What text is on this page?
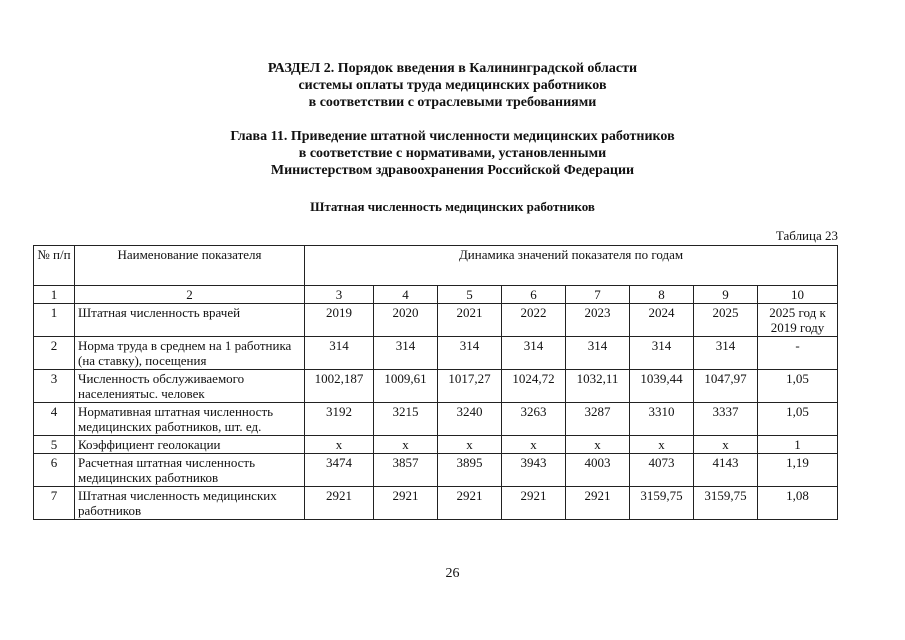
РАЗДЕЛ 2. Порядок введения в Калининградской области
системы оплаты труда медицинских работников
в соответствии с отраслевыми требованиями
Глава 11. Приведение штатной численности медицинских работников
в соответствие с нормативами, установленными
Министерством здравоохранения Российской Федерации
Штатная численность медицинских работников
Таблица 23
№ п/п	Наименование показателя	Динамика значений показателя по годам							
1	2	3	4	5	6	7	8	9	10
1	Штатная численность врачей	2019	2020	2021	2022	2023	2024	2025	2025 год к 2019 году
2	Норма труда в среднем на 1 работника (на ставку), посещения	314	314	314	314	314	314	314	-
3	Численность обслуживаемого населениятыс. человек	1002,187	1009,61	1017,27	1024,72	1032,11	1039,44	1047,97	1,05
4	Нормативная штатная численность медицинских работников, шт. ед.	3192	3215	3240	3263	3287	3310	3337	1,05
5	Коэффициент геолокации	х	х	х	х	х	х	х	1
6	Расчетная штатная численность медицинских работников	3474	3857	3895	3943	4003	4073	4143	1,19
7	Штатная численность медицинских работников	2921	2921	2921	2921	2921	3159,75	3159,75	1,08
26
